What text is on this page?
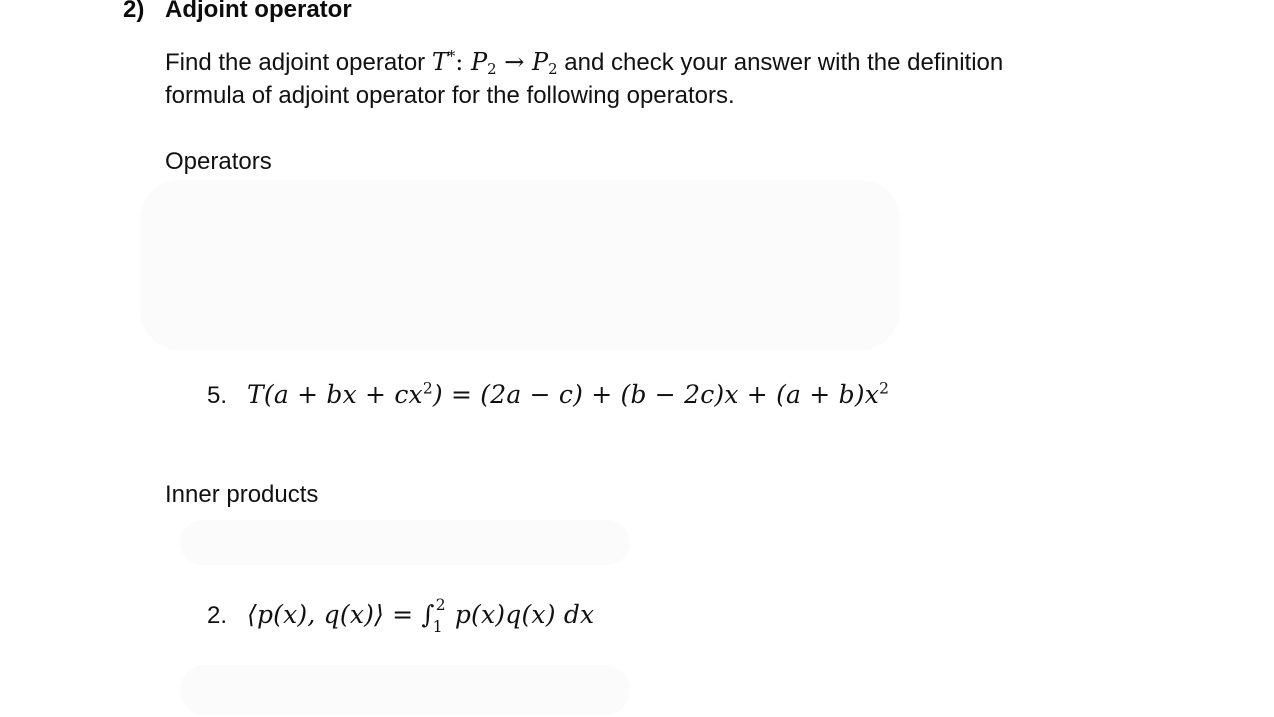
2) Adjoint operator
Find the adjoint operator T*: $P_2 \to P_2$ and check your answer with the definition
formula of adjoint operator for the following operators.
Operators
5. T(a + bx + $cx^2) = (2a - c) + (b - 2c)x + (a + b)x^2$
Inner products
2. ⟨p(x), q(x)⟩ = ∫ 2
1 p(x)q(x) dx
